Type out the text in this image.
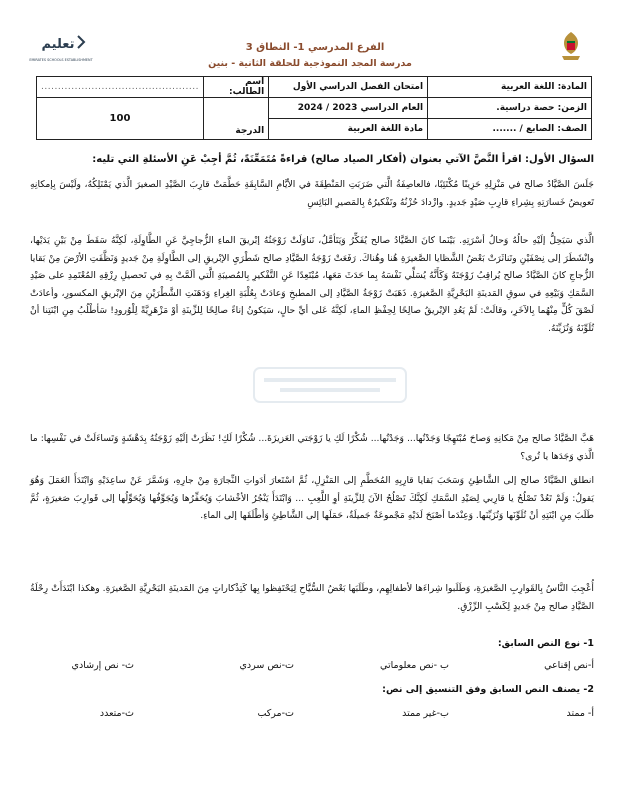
الفرع المدرسي 1- النطاق 3
مدرسة المجد النموذجية للحلقة الثانية - بنين
تعليم
EMIRATES SCHOOLS ESTABLISHMENT
المادة: اللغة العربية	امتحان الفصل الدراسي الأول	اسم الطالب:	...............................................
الزمن: حصة دراسية.	العام الدراسي 2023 / 2024	الدرجة	100
الصف: الصابع / .......	مادة اللغة العربية		
السؤال الأول: اقرأ النَّصَّ الآتي بعنوان (أفكار الصياد صالح) قراءةً مُتَمَعِّنَةً، ثُمَّ أجِبْ عَنِ الأسئلةِ التي تليه:

جَلَسَ الصَّيَّادُ صالح في مَنْزِلِهِ حَزِينًا مُكْتَئِبًا، فالعاصِفَةُ الَّتي ضَرَبَتِ المَنْطِقَةَ في الأيَّامِ السَّابِقَةِ حَطَّمَتْ قارِبَ الصَّيْدِ الصغيرَ الَّذي يَمْتَلِكُهُ، ولَيْسَ بِإمكانِهِ تَعويضُ خَسارَتِهِ بِشِراءِ قارِبِ صَيْدٍ جَديدٍ. وازْدادَ حُزْنُهُ وتَفْكيرُهُ بِالمَصيرِ البَائِسِ

الَّذي سَيَحِلُّ إلَيْهِ حالُهُ وَحالُ أسْرَتِهِ. بَيْنَما كانَ الصَّيَّادُ صالح يُفَكِّرُ وَيَتَأمَّلُ، تَناوَلَتْ زَوْجَتُهُ إبْريقَ الماءِ الزُّجاجِيَّ عَنِ الطَّاوِلَةِ، لَكِنَّهُ سَقَطَ مِنْ بَيْنِ يَدَيْها، وانْشَطَرَ إلى نِصْفَيْنِ وتَناثَرَتْ بَعْضُ الشَّظايا الصَّغيرَةِ هُنا وهُناكَ. رَفَعَتْ زَوْجَةُ الصَّيَّادِ صالح شَطْرَيِ الإبْريقِ إلى الطَّاوِلَةِ مِنْ جَديدٍ وَنَظَّفَتِ الأرْضَ مِنْ بَقايا الزُّجاجِ كانَ الصَّيَّادُ صالح يُراقِبُ زَوْجَتَهُ وَكَأَنَّهُ يُسَلِّي نَفْسَهُ بِما حَدَثَ مَعَها، مُبْتَعِدًا عَنِ التَّفْكيرِ بِالمُصيبَةِ الَّتي ألَمَّتْ بِهِ في تَحصيلِ رِزْقِهِ المُعْتَمِدِ على صَيْدِ السَّمَكِ وَبَيْعِهِ في سوقِ المَدينَةِ البَحْرِيَّةِ الصَّغيرَةِ. ذَهَبَتْ زَوْجَةُ الصَّيَّادِ إلى المطبخِ وَعادَتْ بِعُلْبَةِ الغِراءِ وَدَهَنَتِ الشَّطْرَيْنِ مِنَ الإبْريقِ المكسورِ، وأعادَتْ لَصْقَ كُلٍّ مِنْهُما بِالآخَرِ، وقالَتْ: لَمْ يَعُدِ الإبْريقُ صالِحًا لِحِفْظِ الماءِ، لَكِنَّهُ عَلى أيِّ حالٍ، سَيَكونُ إناءً صالِحًا لِلزِّينَةِ أوْ مَزْهَرِيَّةً لِلْوُرودِ! سَأطْلُبُ مِنِ ابْنَتِنا أنْ تُلَوِّنَهُ وَتُزَيِّنَهُ.

هَبَّ الصَّيَّادُ صالح مِنْ مَكانِهِ وَصاحَ مُبْتَهِجًا وَجَدْتُها... وَجَدْتُها... شُكْرًا لَكِ يا زَوْجَتي العَزيزَةَ... شُكْرًا لَكِ! نَظَرَتْ إلَيْهِ زَوْجَتُهُ بِدَهْشَةٍ وَتَساءَلَتْ في نَفْسِها: ما الَّذي وَجَدَها يا تُرى؟

انطلق الصَّيَّادُ صالح إلى الشَّاطِئِ وَسَحَبَ بَقايا قارِبِهِ المُحَطَّمِ إلى المَنْزِلِ، ثُمَّ اسْتَعارَ أدَواتِ النِّجارَةِ مِنْ جارِهِ، وَشَمَّرَ عَنْ ساعِدَيْهِ وَابْتَدَأَ العَمَلَ وَهُوَ يَقولُ: وَلَمْ تَعُدْ تَصْلُحُ يا قارِبي لِصَيْدِ السَّمَكِ لَكِنَّكَ تَصْلُحُ الآنَ لِلزِّينَةِ أوِ اللَّعِبِ ... وَابْتَدَأَ يَنْجُرُ الأخْشابَ وَيُحَفِّرُها وَيُجَوِّفُها وَيُحَوِّلُها إلى قَوارِبَ صَغيرَةٍ، ثُمَّ طَلَبَ مِنِ ابْنَتِهِ أنْ تُلَوِّنَها وَتُزَيِّنَها. وَعِنْدَما أصْبَحَ لَدَيْهِ مَجْموعَةٌ جَميلَةٌ، حَمَلَها إلى الشَّاطِئِ وَأطْلَقَها إلى الماءِ.

أُعْجِبَ النَّاسُ بِالقَوارِبِ الصَّغيرَةِ، وَطَلَبوا شِراءَها لأطفالِهِم، وطَلَبَها بَعْضُ السُّيَّاحِ لِيَحْتَفِظوا بِها كَتِذْكاراتٍ مِنَ المَدينَةِ البَحْرِيَّةِ الصَّغيرَةِ. وهكذا ابْتَدَأَتْ رِحْلَةُ الصَّيَّادِ صالح مِنْ جَديدٍ لِكَسْبِ الرِّزْقِ.

1- نوع النص السابق:
أ-نص إقناعي
ب -نص معلوماتي
ت-نص سردي
ث- نص إرشادي
2- يصنف النص السابق وفق التنسيق إلى نص:
أ- ممتد
ب-غير ممتد
ت-مركب
ث-متعدد
